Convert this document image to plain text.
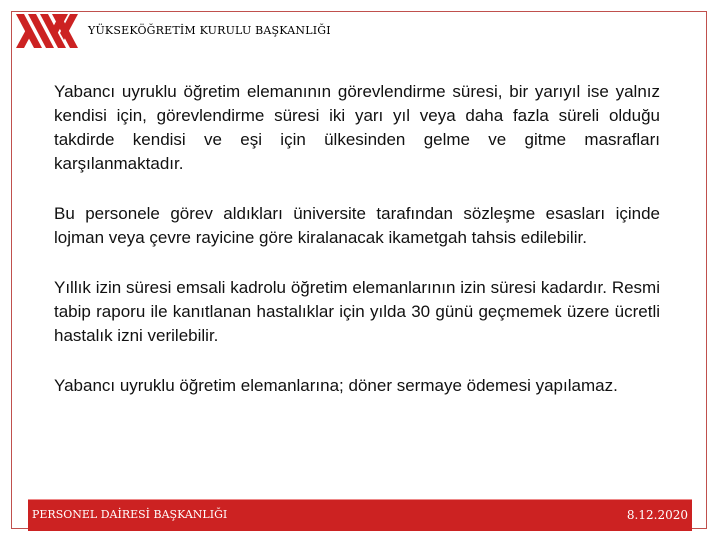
YÜKSEKÖĞRETİM KURULU BAŞKANLIĞI

Yabancı uyruklu öğretim elemanının görevlendirme süresi, bir yarıyıl ise yalnız kendisi için, görevlendirme süresi iki yarı yıl veya daha fazla süreli olduğu takdirde kendisi ve eşi için ülkesinden gelme ve gitme masrafları karşılanmaktadır.

Bu personele görev aldıkları üniversite tarafından sözleşme esasları içinde lojman veya çevre rayicine göre kiralanacak ikametgah tahsis edilebilir.

Yıllık izin süresi emsali kadrolu öğretim elemanlarının izin süresi kadardır. Resmi tabip raporu ile kanıtlanan hastalıklar için yılda 30 günü geçmemek üzere ücretli hastalık izni verilebilir.

Yabancı uyruklu öğretim elemanlarına; döner sermaye ödemesi yapılamaz.

PERSONEL DAİRESİ BAŞKANLIĞI	8.12.2020
